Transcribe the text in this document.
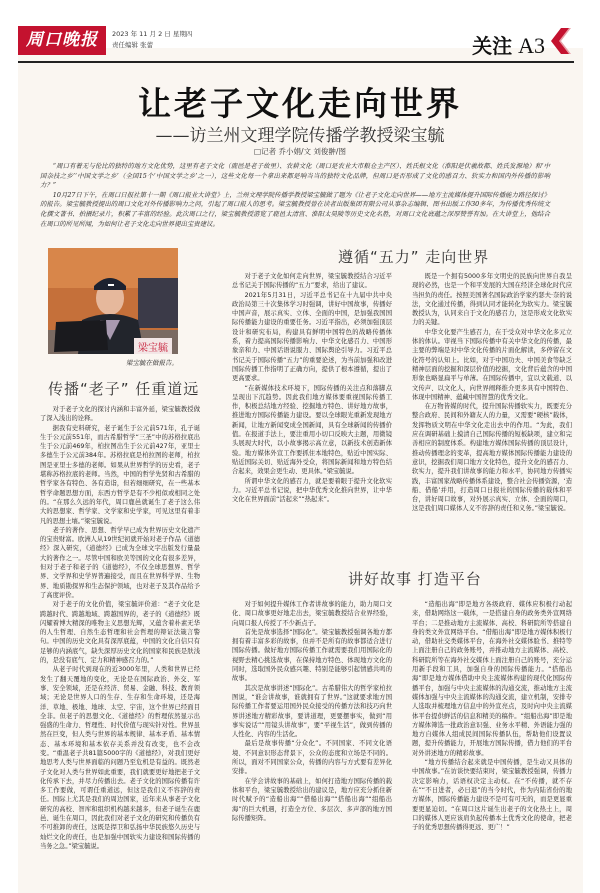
周口晚报	2023 年 11 月 2 日 星期四
责任编辑 张蕾	关注 A3
让老子文化走向世界
——访兰州文理学院传播学教授梁宝毓
□记者 乔小娟/文 刘俊翀/图

“周口有着无与伦比的独特的地方文化优势，这里有老子文化（鹿邑是老子故里）、农耕文化（周口是农业大市粮仓主产区）、姓氏根文化（淮阳是伏羲故都、姓氏发源地）和‘中国杂技之乡’‘中国文学之乡’（全国15个‘中国文学之乡’之一），这些文化每一个拿出来都是响当当的独特文化品牌，但周口是否形成了文化的感召力、软实力和国内外传播的影响力？”

10月27日下午，在周口日报社第十一期《周口报业大讲堂》上，兰州文理学院传播学教授梁宝毓做了题为《让老子文化走向世界——地方主流媒体提升国际传播能力路径探讨》的报告。梁宝毓教授提出的周口文化对外传播影响力之问，引起了周口报人的思考。梁宝毓教授曾在读者出版集团有限公司从事杂志编辑、图书出版工作30多年，为传播优秀传统文化撰文著书、拍摄纪录片，积累了丰富的经验。此次周口之行，梁宝毓教授游览了鹿邑太清宫、淮阳太昊陵等历史文化名胜，对周口文化底蕴之深厚赞誉有加。在大讲堂上，他结合在周口的所见所闻，为如何让老子文化走向世界提出宝贵建议。

梁宝毓
梁宝毓在做报告。
传播“老子” 任重道远

对于老子文化的探讨内涵和丰富外延，梁宝毓教授做了深入浅出的诠释。

据我有史料研究，老子诞生于公元前571年，孔子诞生于公元前551年，而古希腊哲学“三圣”中的苏格拉底出生于公元前469年，柏拉图出生于公元前427年，亚里士多德生于公元前384年。苏格拉底是柏拉图的老师，柏拉图是亚里士多德的老师。如果从世界哲学的历史看，老子堪称苏格拉底的老师。当然，中国的哲学先贤和古希腊的哲学家各有特色、各有造诣，但若细细研究，在一些基本哲学命题思想方面，东西方哲学是有不少相似或相同之处的。“在那么久远的年代，周口鹿邑就诞生了老子这么伟大的思想家、哲学家、文学家和史学家，可见这里有着非凡的思想土壤。”梁宝毓说。

老子的著作、思想、哲学早已成为世界历史文化遗产的宝贵财富。欧洲人从19世纪初就开始对老子作品《道德经》深入研究，《道德经》已成为全球文字出版发行量最大的著作之一。尽管中国和欧美等国的文化有很多差异，但对于老子和老子的《道德经》，不仅全球思想界、哲学界、文学界和史学界普遍接受，而且在世界科学界、生物界、地质勘探界和生态保护领域，也对老子及其作品给予了高度评价。

对于老子的文化价值，梁宝毓评价道：“老子文化是跨越时代、跨越地域、跨越国界的，老子的《道德经》既闪耀着博大精深的唯物主义思想光辉，又蕴含着朴素无华的人生哲理、自然生态哲理和社会哲理的辩证法箴言警句。中国的历史文化具有深厚底蕴，中国的文化自信只有足够的内涵底气，缺失深厚历史文化的国家和民族是肤浅的，是没有底气、定力和精神感召力的。”

从老子时代到现在的近3000年里，人类和世界已经发生了翻天覆地的变化，无论是在国际政治、外交、军事、安全领域，还是在经济、贸易、金融、科技、教育领域；无论是世界人口的生存、生存和生命环境，还是海洋、草地、极地、地球、太空、宇宙，这个世界已经面目全非。但老子的思想文化、《道德经》的哲理依然显示出强盛的生命力、哲理性、时代价值与现实针对性。世界虽然在巨变，但人类与世界的基本规律、基本矛盾、基本情态、基本环境和基本依存关系并没有改变，也不会改变。“重温老子共81篇5000字的《道德经》，对我们更好地思考人类与世界面临的问题乃至危机是有益的。既然老子文化对人类与世界如此重要，我们就要更好地把老子文化传承下去，并尽力传播出去。老子文化的国际传播有许多工作要做，可谓任重道远，但这是我们义不容辞的责任。国际上尤其是我们的周边国家，近年来从事老子文化研究的高校、智库和组织机构越来越多，但老子诞生在鹿邑、诞生在周口，因此我们对老子文化的研究和传播负有不可推卸的责任，这既是捍卫和弘扬中华民族悠久历史与灿烂文化的责任，也是加强中国软实力建设和国际传播的当务之急。”梁宝毓说。

遵循“五力” 走向世界

对于老子文化如何走向世界，梁宝毓教授结合习近平总书记关于国际传播的“五力”要求，给出了建议。

2021年5月31日，习近平总书记在十九届中共中央政治局第三十次集体学习时强调，讲好中国故事，传播好中国声音，展示真实、立体、全面的中国，是加强我国国际传播能力建设的重要任务。习近平指出，必须加强顶层设计和研究布局，构建具有鲜明中国特色的战略传播体系，着力提高国际传播影响力、中华文化感召力、中国形象亲和力、中国话语说服力、国际舆论引导力。习近平总书记关于国际传播“五力”的重要论述，为当前加强和改进国际传播工作指明了正确方向，提供了根本遵循，提出了更高要求。

“在新媒体技术环境下，国际传播的关注点和落脚点呈现出下沉趋势。因此我们地方媒体要重视国际传播工作，积极总结地方经验、挖掘地方特色、讲好地方故事，推进地方国际传播能力建设。要以全球眼光重新发现地方新闻，让地方新闻变成全国新闻，具有全球新闻的传播价值。在报道手法上，要注重用小切口反映大主题，用微镜头展现大时代，以小故事揭示高立意，以新技术创造新体验。地方媒体外宣工作要抓住本地特色，贴近中国实际、贴近国际关切、贴近海外受众，将国际新闻和地方特色结合起来，效果会更生动、更具体。”梁宝毓说。

所谓中华文化的感召力，就是要着眼于提升文化软实力。习近平总书记说，把中华优秀文化推向世界，让中华文化在世界面前“活起来”“热起来”。

既是一个拥有5000多年文明史的民族向世界自我呈现的必然，也是一个和平发展的大国在经济全球化时代应当担负的责任。按照美国著名国际政治学家约瑟夫·奈的说法，文化通过传播，得到认同才能转化为软实力。梁宝毓教授认为，认同来自于文化的感召力，这是形成文化软实力的关键。

中华文化要产生感召力，在于受众对中华文化多元立体的体认。审视当下国际传播中有关中华文化的传播，最主要的弊端是对中华文化传播的片面化解读，多停留在文化符号的认知上。比如，对于中国功夫、中国美食等缺乏精神层面的挖掘和深层价值的挖掘，文化背后蕴含的中国形象也略显扁平与单薄。在国际传播中，宜以文载道、以文传声、以文化人，向世界阐释推介更多具有中国特色、体现中国精神、蕴藏中国智慧的优秀文化。

在万物皆媒的时代，提升国际传播软实力，既要充分整合政府、民间和外籍友人的力量，又需要“硬核”载体，发挥物质文明在中华文化走出去中的作用。“为此，我们应在调研基础上摸清自己国际传播的短板缺项，建立和完善相应的制度体系。构建地方媒体国际传播的顶层设计，推动传播理念的变革，提高地方媒体国际传播能力建设的意识，挖掘我们周口地方文化特色，提升文化的感召力、软实力，提升我们讲故事的能力和水平，协同地方传播实践，丰富国家战略传播体系建设，整合社会传播资源，‘造船、借船’并用，打造周口日报社的国际传播的载体和平台，讲好周口故事，对外展示真实、立体、全面的周口，这是我们周口媒体人义不容辞的责任和义务。”梁宝毓说。

讲好故事 打造平台

对于如何提升媒体工作者讲故事的能力，助力周口文化、周口故事更好地走出去，梁宝毓教授结合业界经验，向周口报人传授了不少新点子。

首先是故事选择“国际化”。梁宝毓教授强调各地方都拥有着丰富多彩的故事，但并不是所有的故事都适合进行国际传播。做好地方国际传播工作就需要我们用国际化的视野去精心挑选故事，在保持地方特色、体现地方文化的同时，选取国外民众感兴趣、特别是能够引起情感共鸣的故事。

其次是故事讲述“国际化”。古希腊伟大的哲学家柏拉图说，“谁会讲故事，谁就拥有了世界。”这就要求地方国际传播工作者要运用国外民众接受的传播方法和技巧向世界讲述地方精彩故事，要讲道理，更要摆事实，做到“用事实说话”“用镜头讲故事”，要“平视生活”，做到传播的人性化、内容的生活化。

最后是故事传播“分众化”。不同国家、不同文化语境、不同意识形态背景下，公众的态度和立场是不同的。所以，面对不同国家公众，传播的内容与方式要有差异化安排。

在学会讲故事的基础上，如何打造地方国际传播的载体和平台，梁宝毓教授给出的建议是，地方应充分抓住新时代赋予的“造船出海”“借船出海”“搭船出海”“组船出海”的巨大机遇，打造全方位、多层次、多声部的地方国际传播矩阵。

“造船出海”即是地方各级政府、媒体应积极行动起来，借助网络这一载体，一是搭建自身的政务类外宣网络平台；二是推动地方主流媒体、高校、科研院所等搭建自身的类文外宣网络平台。“借船出海”即是地方媒体积极行动，借助社交类媒体平台，在海外社交媒体脸书、推特等上面注册自己的政务账号，并推动地方主流媒体、高校、科研院所等在海外社交媒体上面注册自己的账号，充分运用新手段和工具，加强自身的国际传播能力。“搭船出海”即是地方媒体借助中央主流媒体构建的现代化国际传播平台，加强与中央主流媒体的沟通交流，推动地方主流媒体加强与中央主流媒体的沟通交流，建立机制，安排专人选取并梳理地方信息中的外宣亮点，及时向中央主流媒体平台提供鲜活的信息和精美的稿件。“组船出海”即是地方媒体筛选一批政治意识强、业务水平精、外语能力强的地方自媒体人组成民间国际传播队伍，帮助他们设置议题，提升传播能力，开展地方国际传播，借力他们的平台对外讲述地方的精彩故事。

“地方传播结合起来就是中国传播，是生动又具体的中国故事。”在访谈快要结束时，梁宝毓教授强调，传播力决定影响力，话语权决定主动权。在“不传播，就不存在”“不日进者，必日退”的当今时代，作为内陆省份的地方媒体，国际传播能力建设不是可有可无的，而是更显重要更显迫切。“在周口这片诞生出老子的文化热土上，周口的媒体人更应该肩负起传播本土优秀文化的使命，把老子的优秀思想传播得更远、更广！”
